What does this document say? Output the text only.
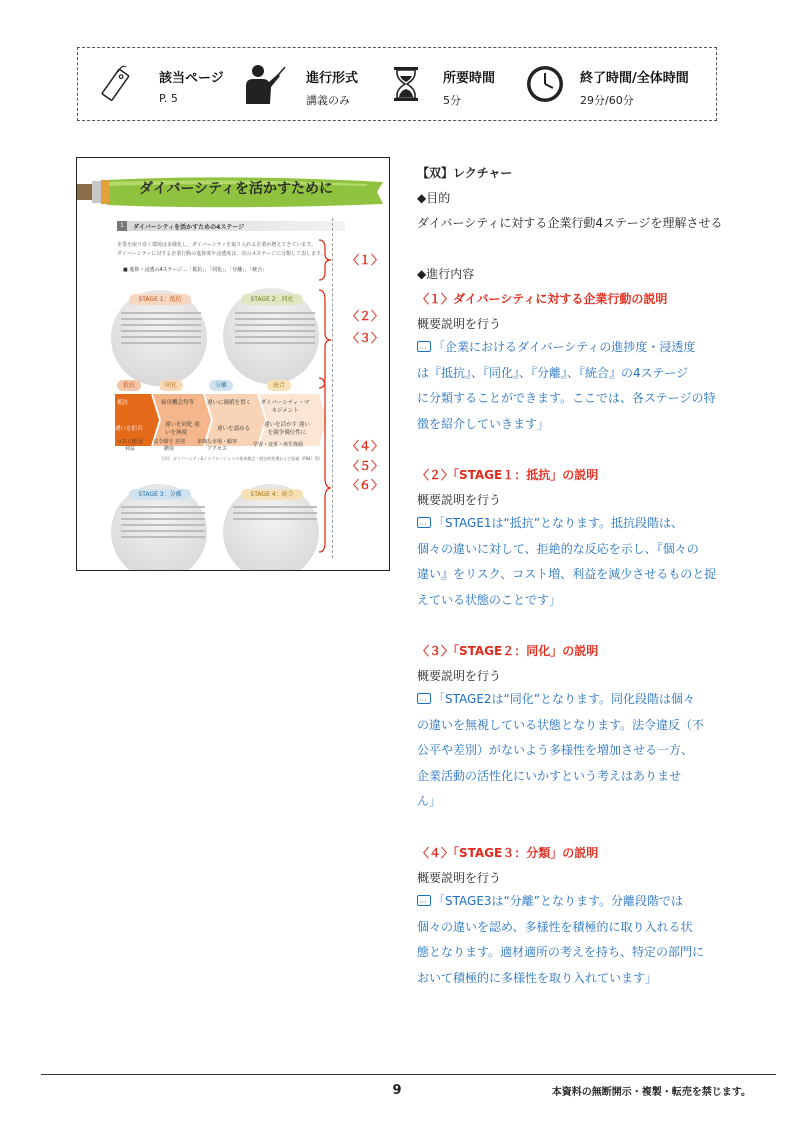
該当ページ
P. 5
進行形式
講義のみ
所要時間
5分
終了時間/全体時間
29分/60分
ダイバーシティを活かすために
1	ダイバーシティを活かすための4ステージ
企業を取り巻く環境は多様化し、ダイバーシティを取り入れる企業が増えてきています。
ダイバーシティに対する企業行動の進捗度や浸透度は、次の４ステージに分類して表します。
■ 進捗・浸透の4ステージ…「抵抗」、「同化」、「分離」、「統合」
STAGE 1：抵抗	STAGE 2：同化
抵抗	同化	分離	統合
抵抗	雇用機会均等 違いに価値を置く ダイバーシティ・マネジメント
違いを拒否
違いを同化 違いを無視
違いを認める
違いを活かす 違いを競争優位性に
コスト増 反利益
法令順守 差別撤廃
多様な市場・顧客 アクセス
学習・変革・再生資源
引用：ダイバーシティ&インクルージョンの基本概念・歴史的変遷および意義（P84）図）
STAGE 3：分離	STAGE 4：統合
〈１〉
〈２〉
〈３〉
〈４〉
〈５〉
〈６〉
【双】レクチャー
◆目的
ダイバーシティに対する企業行動4ステージを理解させる
◆進行内容
〈１〉ダイバーシティに対する企業行動の説明
概要説明を行う
···「企業におけるダイバーシティの進捗度・浸透度
は『抵抗』、『同化』、『分離』、『統合』の4ステージ
に分類することができます。ここでは、各ステージの特
徴を紹介していきます」
〈２〉「STAGE１：抵抗」の説明
概要説明を行う
···「STAGE1は“抵抗”となります。抵抗段階は、
個々の違いに対して、拒絶的な反応を示し、『個々の
違い』をリスク、コスト増、利益を減少させるものと捉
えている状態のことです」
〈３〉「STAGE２：同化」の説明
概要説明を行う
···「STAGE2は“同化”となります。同化段階は個々
の違いを無視している状態となります。法令違反（不
公平や差別）がないよう多様性を増加させる一方、
企業活動の活性化にいかすという考えはありませ
ん」
〈４〉「STAGE３：分類」の説明
概要説明を行う
···「STAGE3は“分離”となります。分離段階では
個々の違いを認め、多様性を積極的に取り入れる状
態となります。適材適所の考えを持ち、特定の部門に
おいて積極的に多様性を取り入れています」
9	本資料の無断開示・複製・転売を禁じます。
